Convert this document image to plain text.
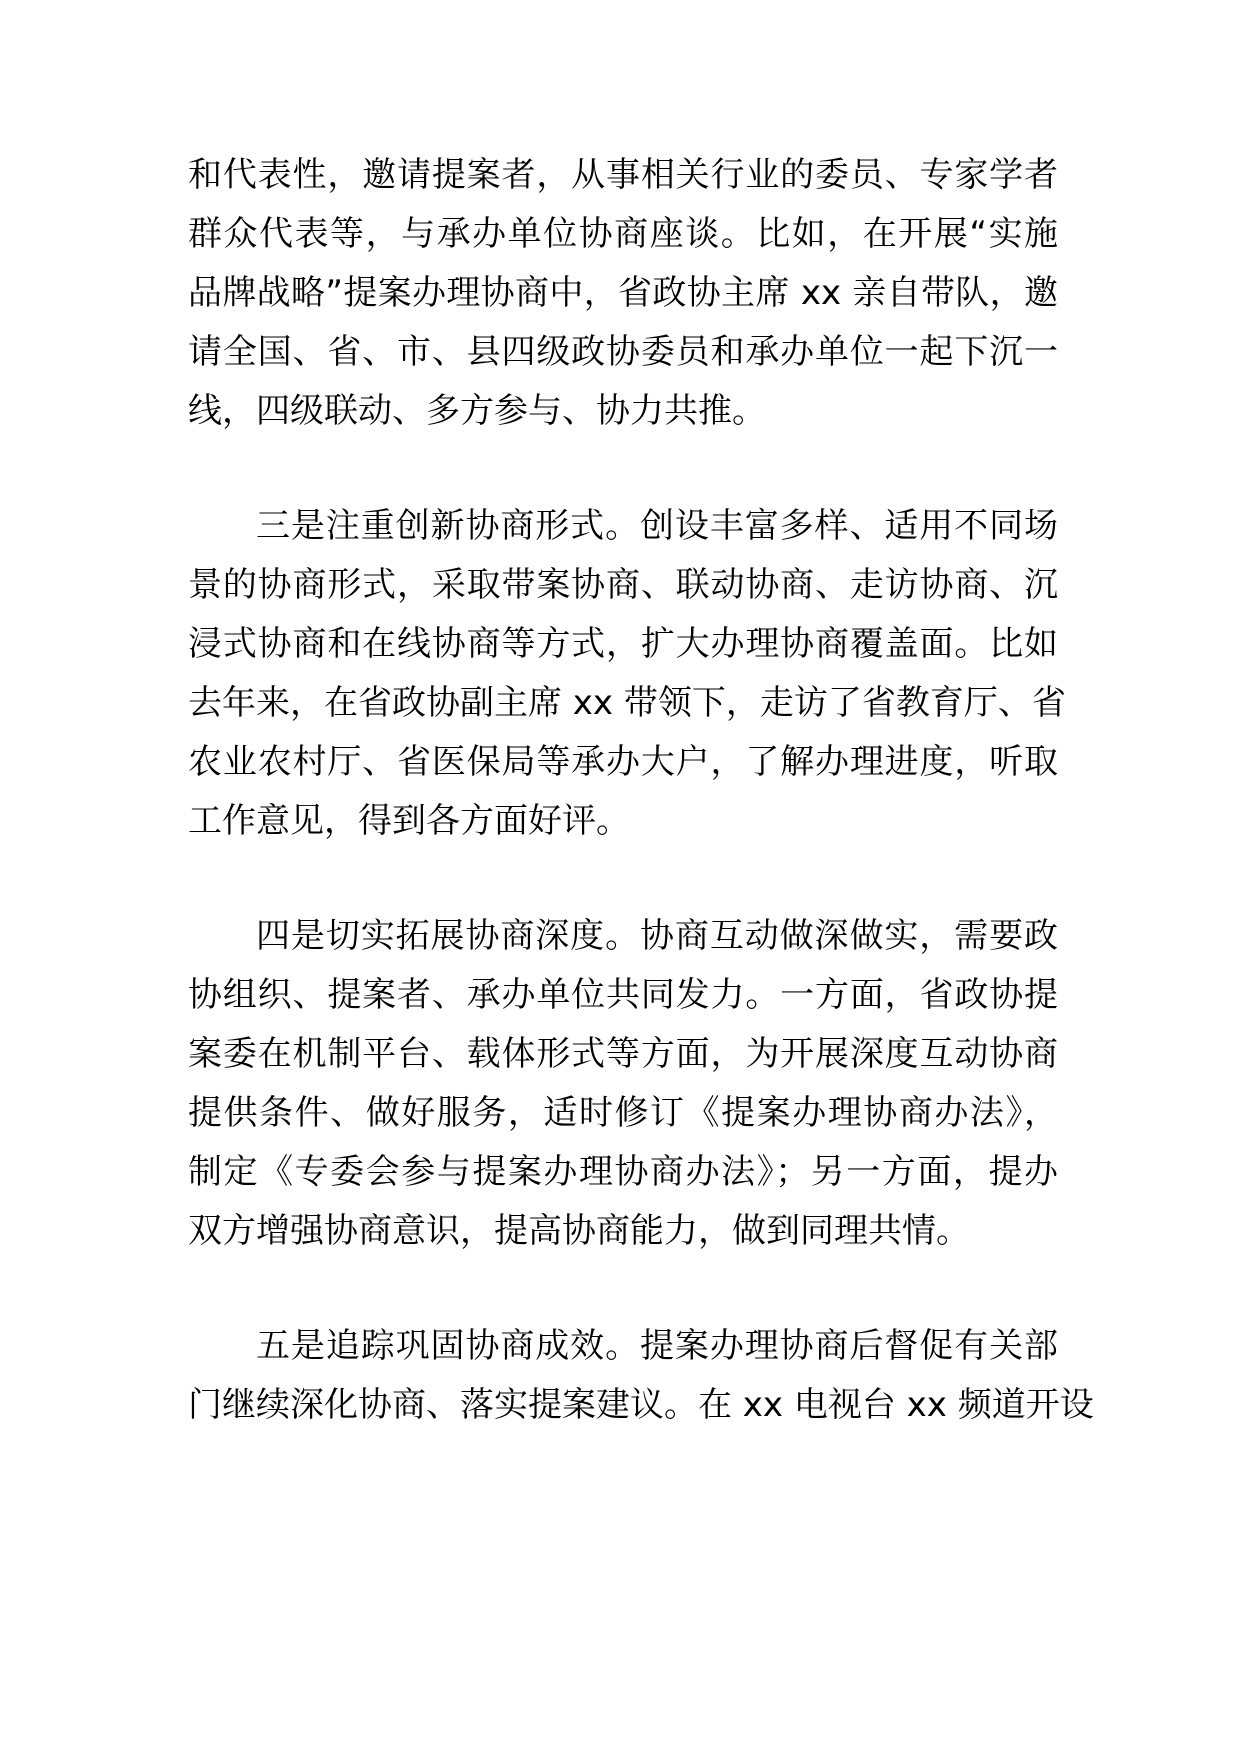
和代表性，邀请提案者，从事相关行业的委员、专家学者
群众代表等，与承办单位协商座谈。比如，在开展“实施
品牌战略”提案办理协商中，省政协主席 xx 亲自带队，邀
请全国、省、市、县四级政协委员和承办单位一起下沉一
线，四级联动、多方参与、协力共推。
三是注重创新协商形式。创设丰富多样、适用不同场
景的协商形式，采取带案协商、联动协商、走访协商、沉
浸式协商和在线协商等方式，扩大办理协商覆盖面。比如
去年来，在省政协副主席 xx 带领下，走访了省教育厅、省
农业农村厅、省医保局等承办大户，了解办理进度，听取
工作意见，得到各方面好评。
四是切实拓展协商深度。协商互动做深做实，需要政
协组织、提案者、承办单位共同发力。一方面，省政协提
案委在机制平台、载体形式等方面，为开展深度互动协商
提供条件、做好服务，适时修订《提案办理协商办法》，
制定《专委会参与提案办理协商办法》；另一方面，提办
双方增强协商意识，提高协商能力，做到同理共情。
五是追踪巩固协商成效。提案办理协商后督促有关部
门继续深化协商、落实提案建议。在 xx 电视台 xx 频道开设
